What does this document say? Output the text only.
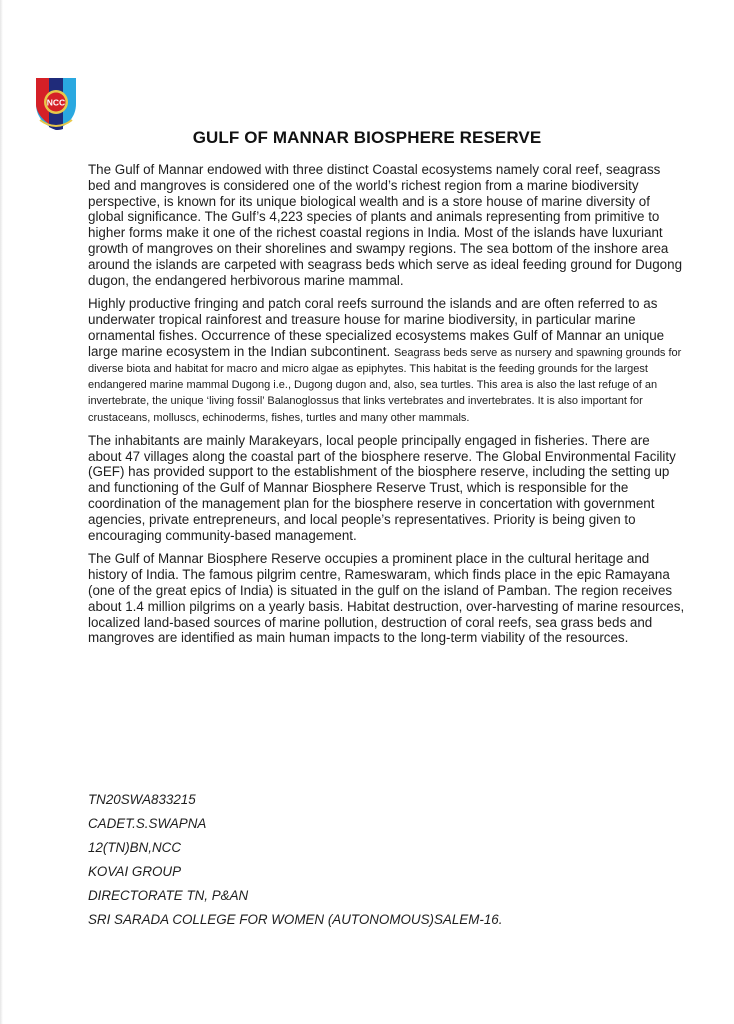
NCC
GULF OF MANNAR BIOSPHERE RESERVE

The Gulf of Mannar endowed with three distinct Coastal ecosystems namely coral reef, seagrass bed and mangroves is considered one of the world’s richest region from a marine biodiversity perspective, is known for its unique biological wealth and is a store house of marine diversity of global significance. The Gulf’s 4,223 species of plants and animals representing from primitive to higher forms make it one of the richest coastal regions in India. Most of the islands have luxuriant growth of mangroves on their shorelines and swampy regions. The sea bottom of the inshore area around the islands are carpeted with seagrass beds which serve as ideal feeding ground for Dugong dugon, the endangered herbivorous marine mammal.

Highly productive fringing and patch coral reefs surround the islands and are often referred to as underwater tropical rainforest and treasure house for marine biodiversity, in particular marine ornamental fishes. Occurrence of these specialized ecosystems makes Gulf of Mannar an unique large marine ecosystem in the Indian subcontinent. Seagrass beds serve as nursery and spawning grounds for diverse biota and habitat for macro and micro algae as epiphytes. This habitat is the feeding grounds for the largest endangered marine mammal Dugong i.e., Dugong dugon and, also, sea turtles. This area is also the last refuge of an invertebrate, the unique ‘living fossil’ Balanoglossus that links vertebrates and invertebrates. It is also important for crustaceans, molluscs, echinoderms, fishes, turtles and many other mammals.

The inhabitants are mainly Marakeyars, local people principally engaged in fisheries. There are about 47 villages along the coastal part of the biosphere reserve. The Global Environmental Facility (GEF) has provided support to the establishment of the biosphere reserve, including the setting up and functioning of the Gulf of Mannar Biosphere Reserve Trust, which is responsible for the coordination of the management plan for the biosphere reserve in concertation with government agencies, private entrepreneurs, and local people’s representatives. Priority is being given to encouraging community-based management.

The Gulf of Mannar Biosphere Reserve occupies a prominent place in the cultural heritage and history of India. The famous pilgrim centre, Rameswaram, which finds place in the epic Ramayana (one of the great epics of India) is situated in the gulf on the island of Pamban. The region receives about 1.4 million pilgrims on a yearly basis. Habitat destruction, over-harvesting of marine resources, localized land-based sources of marine pollution, destruction of coral reefs, sea grass beds and mangroves are identified as main human impacts to the long-term viability of the resources.

TN20SWA833215
CADET.S.SWAPNA
12(TN)BN,NCC
KOVAI GROUP
DIRECTORATE TN, P&AN
SRI SARADA COLLEGE FOR WOMEN (AUTONOMOUS)SALEM-16.
